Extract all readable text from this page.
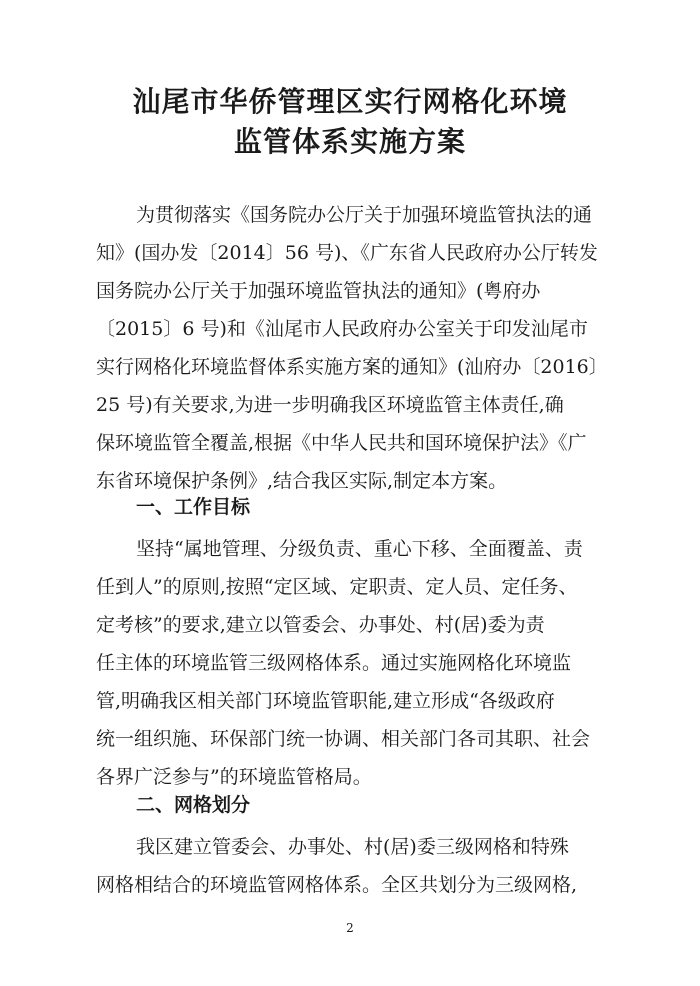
汕尾市华侨管理区实行网格化环境
监管体系实施方案
为贯彻落实《国务院办公厅关于加强环境监管执法的通
知》(国办发〔2014〕56 号)、《广东省人民政府办公厅转发
国务院办公厅关于加强环境监管执法的通知》(粤府办
〔2015〕6 号)和《汕尾市人民政府办公室关于印发汕尾市
实行网格化环境监督体系实施方案的通知》(汕府办〔2016〕
25 号)有关要求,为进一步明确我区环境监管主体责任,确
保环境监管全覆盖,根据《中华人民共和国环境保护法》《广
东省环境保护条例》,结合我区实际,制定本方案。
一、工作目标
坚持“属地管理、分级负责、重心下移、全面覆盖、责
任到人”的原则,按照“定区域、定职责、定人员、定任务、
定考核”的要求,建立以管委会、办事处、村(居)委为责
任主体的环境监管三级网格体系。通过实施网格化环境监
管,明确我区相关部门环境监管职能,建立形成“各级政府
统一组织施、环保部门统一协调、相关部门各司其职、社会
各界广泛参与”的环境监管格局。
二、网格划分
我区建立管委会、办事处、村(居)委三级网格和特殊
网格相结合的环境监管网格体系。全区共划分为三级网格,
2
